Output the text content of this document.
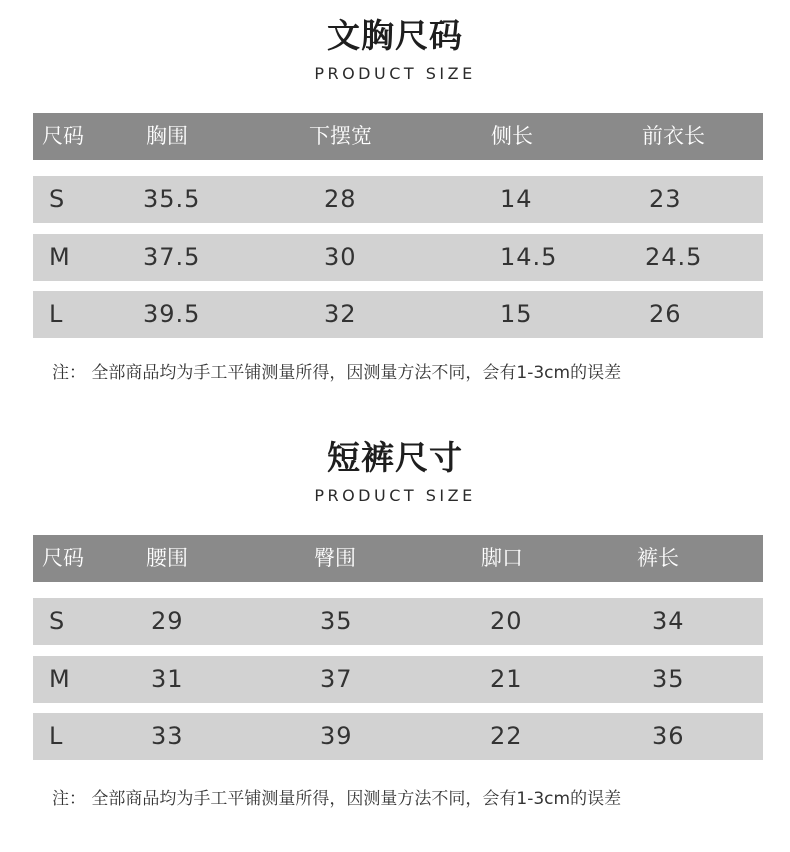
文胸尺码
PRODUCT SIZE
尺码	胸围	下摆宽	侧长	前衣长
S	35.5	28	14	23
M	37.5	30	14.5	24.5
L	39.5	32	15	26
注： 全部商品均为手工平铺测量所得，因测量方法不同，会有1-3cm的误差
短裤尺寸
PRODUCT SIZE
尺码	腰围	臀围	脚口	裤长
S	29	35	20	34
M	31	37	21	35
L	33	39	22	36
注： 全部商品均为手工平铺测量所得，因测量方法不同，会有1-3cm的误差
